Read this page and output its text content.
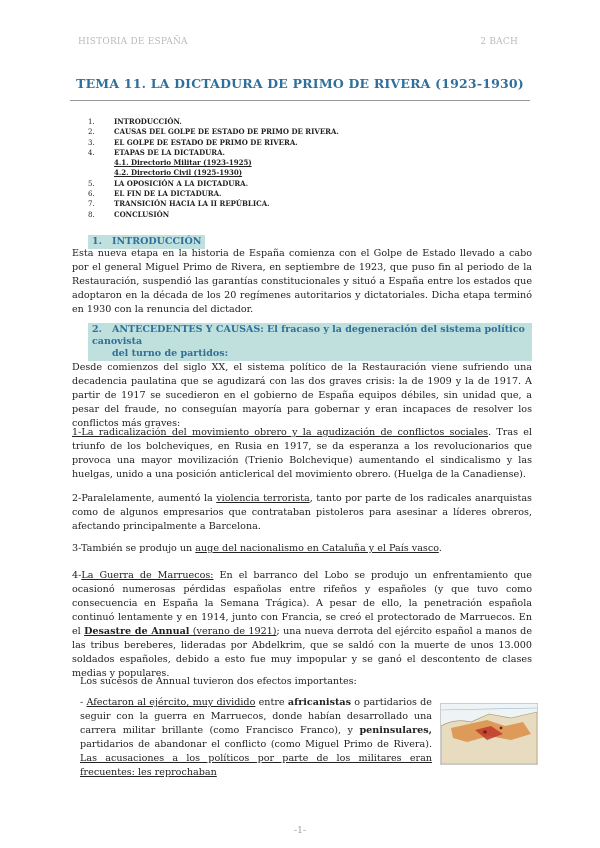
HISTORIA DE ESPAÑA	2 BACH
TEMA 11. LA DICTADURA DE PRIMO DE RIVERA (1923-1930)
1.	INTRODUCCIÓN.
2.	CAUSAS DEL GOLPE DE ESTADO DE PRIMO DE RIVERA.
3.	EL GOLPE DE ESTADO DE PRIMO DE RIVERA.
4.	ETAPAS DE LA DICTADURA.
4.1. Directorio Militar (1923-1925)
4.2. Directorio Civil (1925-1930)
5.	LA OPOSICIÓN A LA DICTADURA.
6.	EL FIN DE LA DICTADURA.
7.	TRANSICIÓN HACIA LA II REPÚBLICA.
8.	CONCLUSIÓN
1. INTRODUCCIÓN
Esta nueva etapa en la historia de España comienza con el Golpe de Estado llevado a cabo por el general Miguel Primo de Rivera, en septiembre de 1923, que puso fin al periodo de la Restauración, suspendió las garantías constitucionales y situó a España entre los estados que adoptaron en la década de los 20 regímenes autoritarios y dictatoriales. Dicha etapa terminó en 1930 con la renuncia del dictador.
2. ANTECEDENTES Y CAUSAS: El fracaso y la degeneración del sistema político canovista
del turno de partidos:
Desde comienzos del siglo XX, el sistema político de la Restauración viene sufriendo una decadencia paulatina que se agudizará con las dos graves crisis: la de 1909 y la de 1917. A partir de 1917 se sucedieron en el gobierno de España equipos débiles, sin unidad que, a pesar del fraude, no conseguían mayoría para gobernar y eran incapaces de resolver los conflictos más graves:
1-La radicalización del movimiento obrero y la agudización de conflictos sociales. Tras el triunfo de los bolcheviques, en Rusia en 1917, se da esperanza a los revolucionarios que provoca una mayor movilización (Trienio Bolchevique) aumentando el sindicalismo y las huelgas, unido a una posición anticlerical del movimiento obrero. (Huelga de la Canadiense).
2-Paralelamente, aumentó la violencia terrorista, tanto por parte de los radicales anarquistas como de algunos empresarios que contrataban pistoleros para asesinar a líderes obreros, afectando principalmente a Barcelona.
3-También se produjo un auge del nacionalismo en Cataluña y el País vasco.
4-La Guerra de Marruecos: En el barranco del Lobo se produjo un enfrentamiento que ocasionó numerosas pérdidas españolas entre rifeños y españoles (y que tuvo como consecuencia en España la Semana Trágica). A pesar de ello, la penetración española continuó lentamente y en 1914, junto con Francia, se creó el protectorado de Marruecos. En el Desastre de Annual (verano de 1921); una nueva derrota del ejército español a manos de las tribus bereberes, lideradas por Abdelkrim, que se saldó con la muerte de unos 13.000 soldados españoles, debido a esto fue muy impopular y se ganó el descontento de clases medias y populares.
Los sucesos de Annual tuvieron dos efectos importantes:
- Afectaron al ejército, muy dividido entre africanistas o partidarios de seguir con la guerra en Marruecos, donde habían desarrollado una carrera militar brillante (como Francisco Franco), y peninsulares, partidarios de abandonar el conflicto (como Miguel Primo de Rivera). Las acusaciones a los políticos por parte de los militares eran frecuentes: les reprochaban
-1-
